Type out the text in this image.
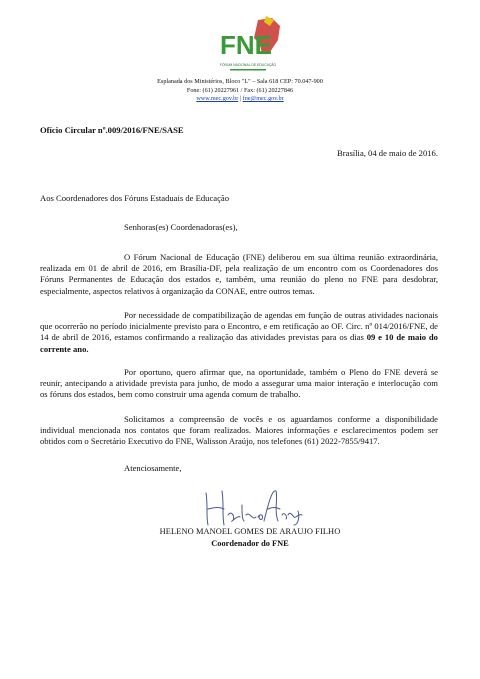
FNE
FÓRUM NACIONAL DE EDUCAÇÃO
Esplanada dos Ministérios, Bloco "L" – Sala 618 CEP: 70.047-900
Fone: (61) 20227961 / Fax: (61) 20227846
www.mec.gov.br | fne@mec.gov.br
Ofício Circular nº.009/2016/FNE/SASE
Brasília, 04 de maio de 2016.
Aos Coordenadores dos Fóruns Estaduais de Educação
Senhoras(es) Coordenadoras(es),

O Fórum Nacional de Educação (FNE) deliberou em sua última reunião extraordinária, realizada em 01 de abril de 2016, em Brasília-DF, pela realização de um encontro com os Coordenadores dos Fóruns Permanentes de Educação dos estados e, também, uma reunião do pleno no FNE para desdobrar, especialmente, aspectos relativos à organização da CONAE, entre outros temas.

Por necessidade de compatibilização de agendas em função de outras atividades nacionais que ocorrerão no período inicialmente previsto para o Encontro, e em retificação ao OF. Circ. nº 014/2016/FNE, de 14 de abril de 2016, estamos confirmando a realização das atividades previstas para os dias 09 e 10 de maio do corrente ano.

Por oportuno, quero afirmar que, na oportunidade, também o Pleno do FNE deverá se reunir, antecipando a atividade prevista para junho, de modo a assegurar uma maior interação e interlocução com os fóruns dos estados, bem como construir uma agenda comum de trabalho.

Solicitamos a compreensão de vocês e os aguardamos conforme a disponibilidade individual mencionada nos contatos que foram realizados. Maiores informações e esclarecimentos podem ser obtidos com o Secretário Executivo do FNE, Walisson Araújo, nos telefones (61) 2022-7855/9417.

Atenciosamente,
HELENO MANOEL GOMES DE ARAUJO FILHO
Coordenador do FNE
